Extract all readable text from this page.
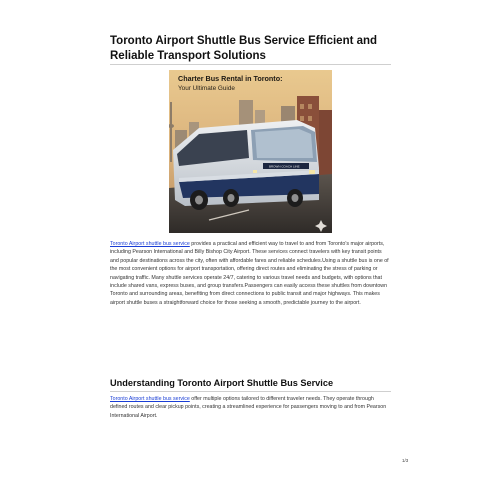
Toronto Airport Shuttle Bus Service Efficient and Reliable Transport Solutions
BROWN COACH LINE
Charter Bus Rental in Toronto:
Your Ultimate Guide

Toronto Airport shuttle bus service provides a practical and efficient way to travel to and from Toronto's major airports, including Pearson International and Billy Bishop City Airport. These services connect travelers with key transit points and popular destinations across the city, often with affordable fares and reliable schedules.Using a shuttle bus is one of the most convenient options for airport transportation, offering direct routes and eliminating the stress of parking or navigating traffic. Many shuttle services operate 24/7, catering to various travel needs and budgets, with options that include shared vans, express buses, and group transfers.Passengers can easily access these shuttles from downtown Toronto and surrounding areas, benefiting from direct connections to public transit and major highways. This makes airport shuttle buses a straightforward choice for those seeking a smooth, predictable journey to the airport.

Understanding Toronto Airport Shuttle Bus Service

Toronto Airport shuttle bus service offer multiple options tailored to different traveler needs. They operate through defined routes and clear pickup points, creating a streamlined experience for passengers moving to and from Pearson International Airport.

1/3
